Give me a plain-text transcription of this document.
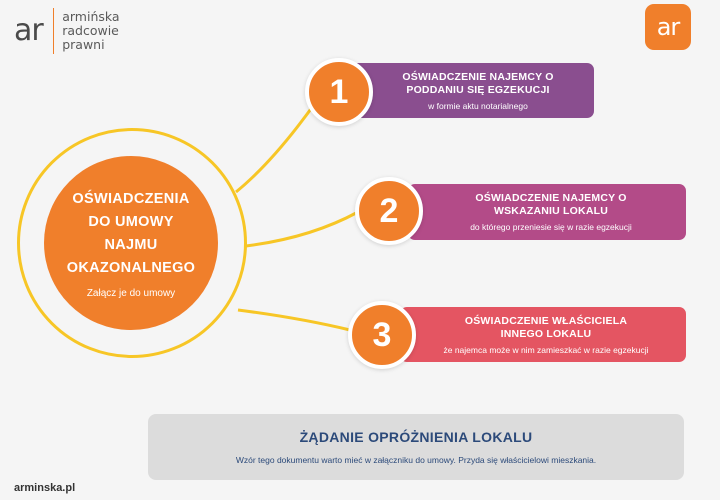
ar armińska
radcowie
prawni
ar
OŚWIADCZENIA
DO UMOWY
NAJMU
OKAZONALNEGO
Załącz je do umowy
OŚWIADCZENIE NAJEMCY O
PODDANIU SIĘ EGZEKUCJI
w formie aktu notarialnego
1
OŚWIADCZENIE NAJEMCY O
WSKAZANIU LOKALU
do którego przeniesie się w razie egzekucji
2
OŚWIADCZENIE WŁAŚCICIELA
INNEGO LOKALU
że najemca może w nim zamieszkać w razie egzekucji
3
ŻĄDANIE OPRÓŻNIENIA LOKALU
Wzór tego dokumentu warto mieć w załączniku do umowy. Przyda się właścicielowi mieszkania.
arminska.pl
